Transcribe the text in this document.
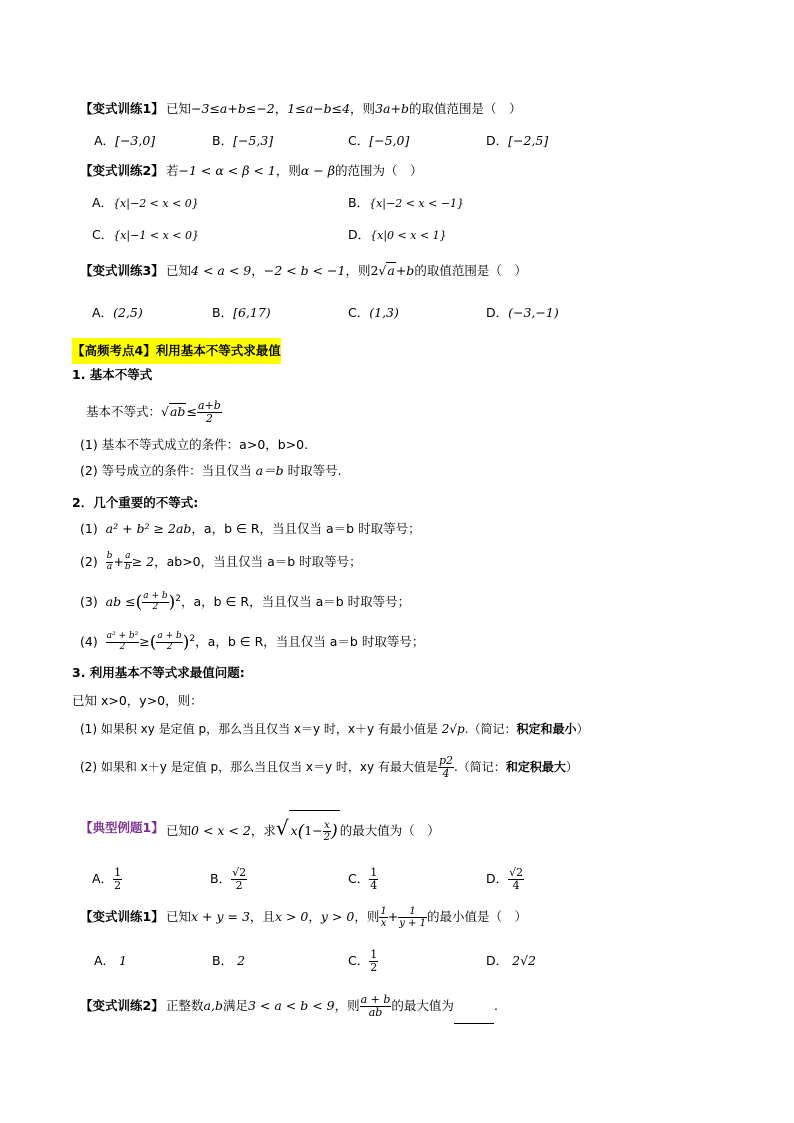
【变式训练1】 已知−3≤a+b≤−2，1≤a−b≤4，则3a+b的取值范围是（　）
A．[−3,0]	B．[−5,3]	C．[−5,0]	D．[−2,5]
【变式训练2】 若−1 < α < β < 1，则α − β的范围为（　）
A．{x|−2 < x < 0}	B．{x|−2 < x < −1}
C．{x|−1 < x < 0}	D．{x|0 < x < 1}
【变式训练3】 已知4 < a < 9，−2 < b < −1，则2√a+b的取值范围是（　）
A．(2,5)	B．[6,17)	C．(1,3)	D．(−3,−1)
【高频考点4】利用基本不等式求最值
1. 基本不等式
基本不等式：$√ab\le \frac{a+b}{2}$
(1) 基本不等式成立的条件：a>0，b>0.
(2) 等号成立的条件：当且仅当 a＝b 时取等号.
2．几个重要的不等式:
(1) a² + b² ≥ 2ab，a，b ∈ R，当且仅当 a＝b 时取等号；
$(2) \frac{b}{a} + \frac{a}{b} \ge 2$，ab>0，当且仅当 a＝b 时取等号；
(3) ab ≤( $\frac{a + b}{2} )^2$，a，b ∈ R，当且仅当 a＝b 时取等号；
$(4) \frac{\text{a² + b²}}{2}$ ≥( $\frac{a + b}{2} )^2$，a，b ∈ R，当且仅当 a＝b 时取等号；
3. 利用基本不等式求最值问题:
已知 x>0，y>0，则：
(1) 如果积 xy 是定值 p，那么当且仅当 x＝y 时，x＋y 有最小值是 2√p.（简记：积定和最小）
(2) 如果和 x＋y 是定值 p，那么当且仅当 x＝y 时，xy 有最大值是 $\frac{p2}{4}$ .（简记：和定积最大）
【典型例题1】 已知0 < x < 2，求√ $x(1- \frac{x}{2}$ ) 的最大值为（　）
A． $\frac{1}{2}$	B． $\frac{√2}{2}$	C． $\frac{1}{4}$	D． $\frac{√2}{4}$
【变式训练1】 已知x + y = 3，且x > 0，y > 0，则 $\frac{1}{x} + \frac{1}{y + 1}$ 的最小值是（　）
A． 1	B． 2	C． $\frac{1}{2}$	D． 2√2
【变式训练2】 正整数a,b满足3 < a < b < 9，则 $\frac{a + b}{ab}$ 的最大值为	.
